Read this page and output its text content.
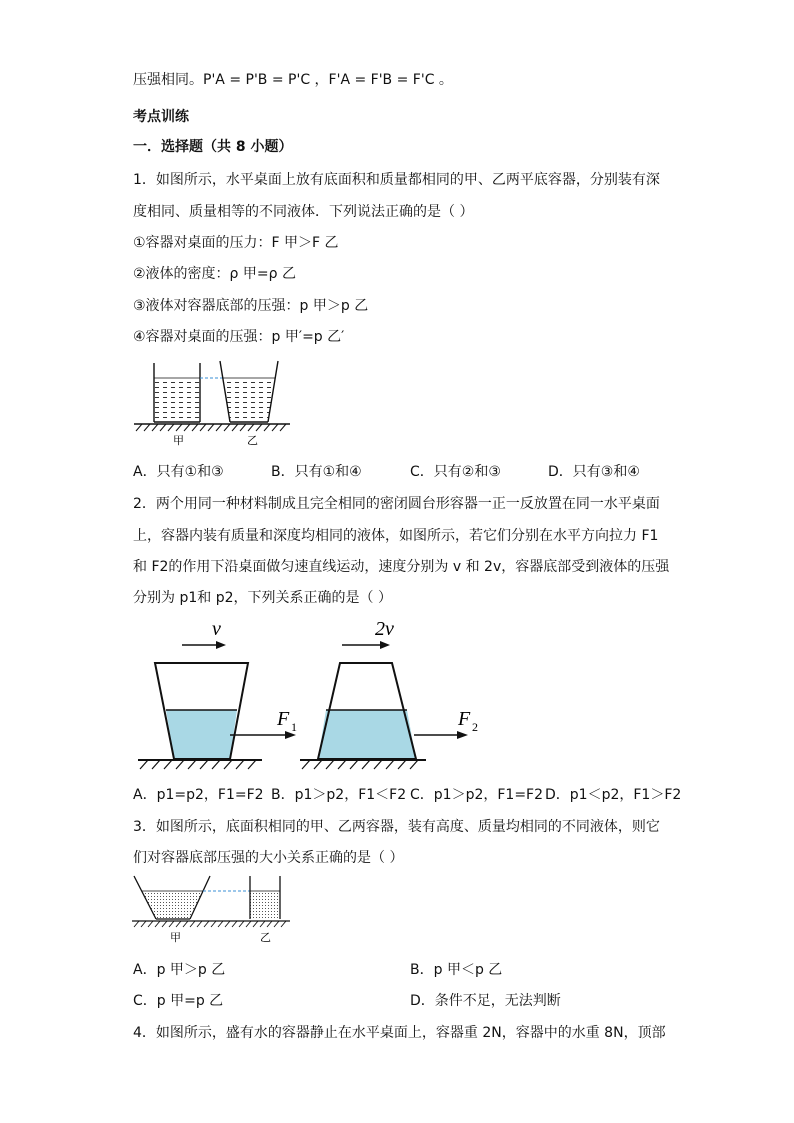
压强相同。P'A = P'B = P'C ，F'A = F'B = F'C 。
考点训练
一．选择题（共 8 小题）
1．如图所示，水平桌面上放有底面积和质量都相同的甲、乙两平底容器，分别装有深
度相同、质量相等的不同液体．下列说法正确的是（ ）
①容器对桌面的压力：F 甲＞F 乙
②液体的密度：ρ 甲=ρ 乙
③液体对容器底部的压强：p 甲＞p 乙
④容器对桌面的压强：p 甲′=p 乙′
甲	乙
A．只有①和③	B．只有①和④	C．只有②和③	D．只有③和④
2．两个用同一种材料制成且完全相同的密闭圆台形容器一正一反放置在同一水平桌面
上，容器内装有质量和深度均相同的液体，如图所示，若它们分别在水平方向拉力 F1
和 F2的作用下沿桌面做匀速直线运动，速度分别为 v 和 2v，容器底部受到液体的压强
分别为 p1和 p2，下列关系正确的是（ ）
v	2v
F 1	F 2
A．p1=p2，F1=F2 B．p1＞p2，F1＜F2 C．p1＞p2，F1=F2 D．p1＜p2，F1＞F2
3．如图所示，底面积相同的甲、乙两容器，装有高度、质量均相同的不同液体，则它
们对容器底部压强的大小关系正确的是（ ）
甲	乙
A．p 甲＞p 乙	B．p 甲＜p 乙
C．p 甲=p 乙	D．条件不足，无法判断
4．如图所示，盛有水的容器静止在水平桌面上，容器重 2N，容器中的水重 8N，顶部
